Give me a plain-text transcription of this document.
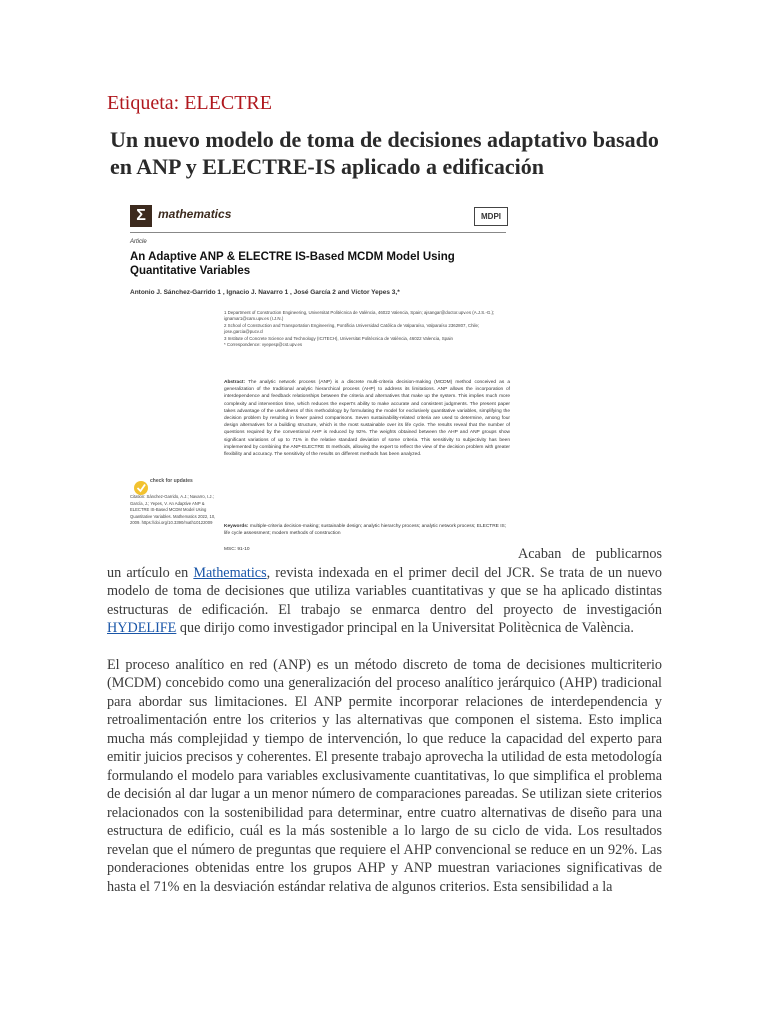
Etiqueta: ELECTRE
Un nuevo modelo de toma de decisiones adaptativo basado en ANP y ELECTRE-IS aplicado a edificación
Σ	mathematics	MDPI
Article
An Adaptive ANP & ELECTRE IS-Based MCDM Model Using Quantitative Variables
Antonio J. Sánchez-Garrido 1 , Ignacio J. Navarro 1 , José García 2 and Víctor Yepes 3,*
1 Department of Construction Engineering, Universitat Politècnica de València, 46022 Valencia, Spain; ajsangar@doctor.upv.es (A.J.S.-G.); ignamar1@cam.upv.es (I.J.N.)
2 School of Construction and Transportation Engineering, Pontificia Universidad Católica de Valparaíso, Valparaíso 2362807, Chile; jose.garcia@pucv.cl
3 Institute of Concrete Science and Technology (ICITECH), Universitat Politècnica de València, 46022 Valencia, Spain
* Correspondence: vyepesp@cst.upv.es
Abstract: The analytic network process (ANP) is a discrete multi-criteria decision-making (MCDM) method conceived as a generalization of the traditional analytic hierarchical process (AHP) to address its limitations. ANP allows the incorporation of interdependence and feedback relationships between the criteria and alternatives that make up the system. This implies much more complexity and intervention time, which reduces the expert's ability to make accurate and consistent judgments. The present paper takes advantage of the usefulness of this methodology by formulating the model for exclusively quantitative variables, simplifying the decision problem by resulting in fewer paired comparisons. Seven sustainability-related criteria are used to determine, among four design alternatives for a building structure, which is the most sustainable over its life cycle. The results reveal that the number of questions required by the conventional AHP is reduced by 92%. The weights obtained between the AHP and ANP groups show significant variations of up to 71% in the relative standard deviation of some criteria. This sensitivity to subjectivity has been implemented by combining the ANP-ELECTRE IS methods, allowing the expert to reflect the view of the decision problem with greater flexibility and accuracy. The sensitivity of the results on different methods has been analyzed.
check for updates
Citation: Sánchez-Garrido, A.J.; Navarro, I.J.; García, J.; Yepes, V. An Adaptive ANP & ELECTRE IS-Based MCDM Model Using Quantitative Variables. Mathematics 2022, 10, 2009. https://doi.org/10.3390/math10122009
Keywords: multiple-criteria decision-making; sustainable design; analytic hierarchy process; analytic network process; ELECTRE IS; life cycle assessment; modern methods of construction
MSC: 91-10	Acaban de publicarnos un artículo en Mathematics, revista indexada en el primer decil del JCR. Se trata de un nuevo modelo de toma de decisiones que utiliza variables cuantitativas y que se ha aplicado distintas estructuras de edificación. El trabajo se enmarca dentro del proyecto de investigación HYDELIFE que dirijo como investigador principal en la Universitat Politècnica de València.

El proceso analítico en red (ANP) es un método discreto de toma de decisiones multicriterio (MCDM) concebido como una generalización del proceso analítico jerárquico (AHP) tradicional para abordar sus limitaciones. El ANP permite incorporar relaciones de interdependencia y retroalimentación entre los criterios y las alternativas que componen el sistema. Esto implica mucha más complejidad y tiempo de intervención, lo que reduce la capacidad del experto para emitir juicios precisos y coherentes. El presente trabajo aprovecha la utilidad de esta metodología formulando el modelo para variables exclusivamente cuantitativas, lo que simplifica el problema de decisión al dar lugar a un menor número de comparaciones pareadas. Se utilizan siete criterios relacionados con la sostenibilidad para determinar, entre cuatro alternativas de diseño para una estructura de edificio, cuál es la más sostenible a lo largo de su ciclo de vida. Los resultados revelan que el número de preguntas que requiere el AHP convencional se reduce en un 92%. Las ponderaciones obtenidas entre los grupos AHP y ANP muestran variaciones significativas de hasta el 71% en la desviación estándar relativa de algunos criterios. Esta sensibilidad a la
